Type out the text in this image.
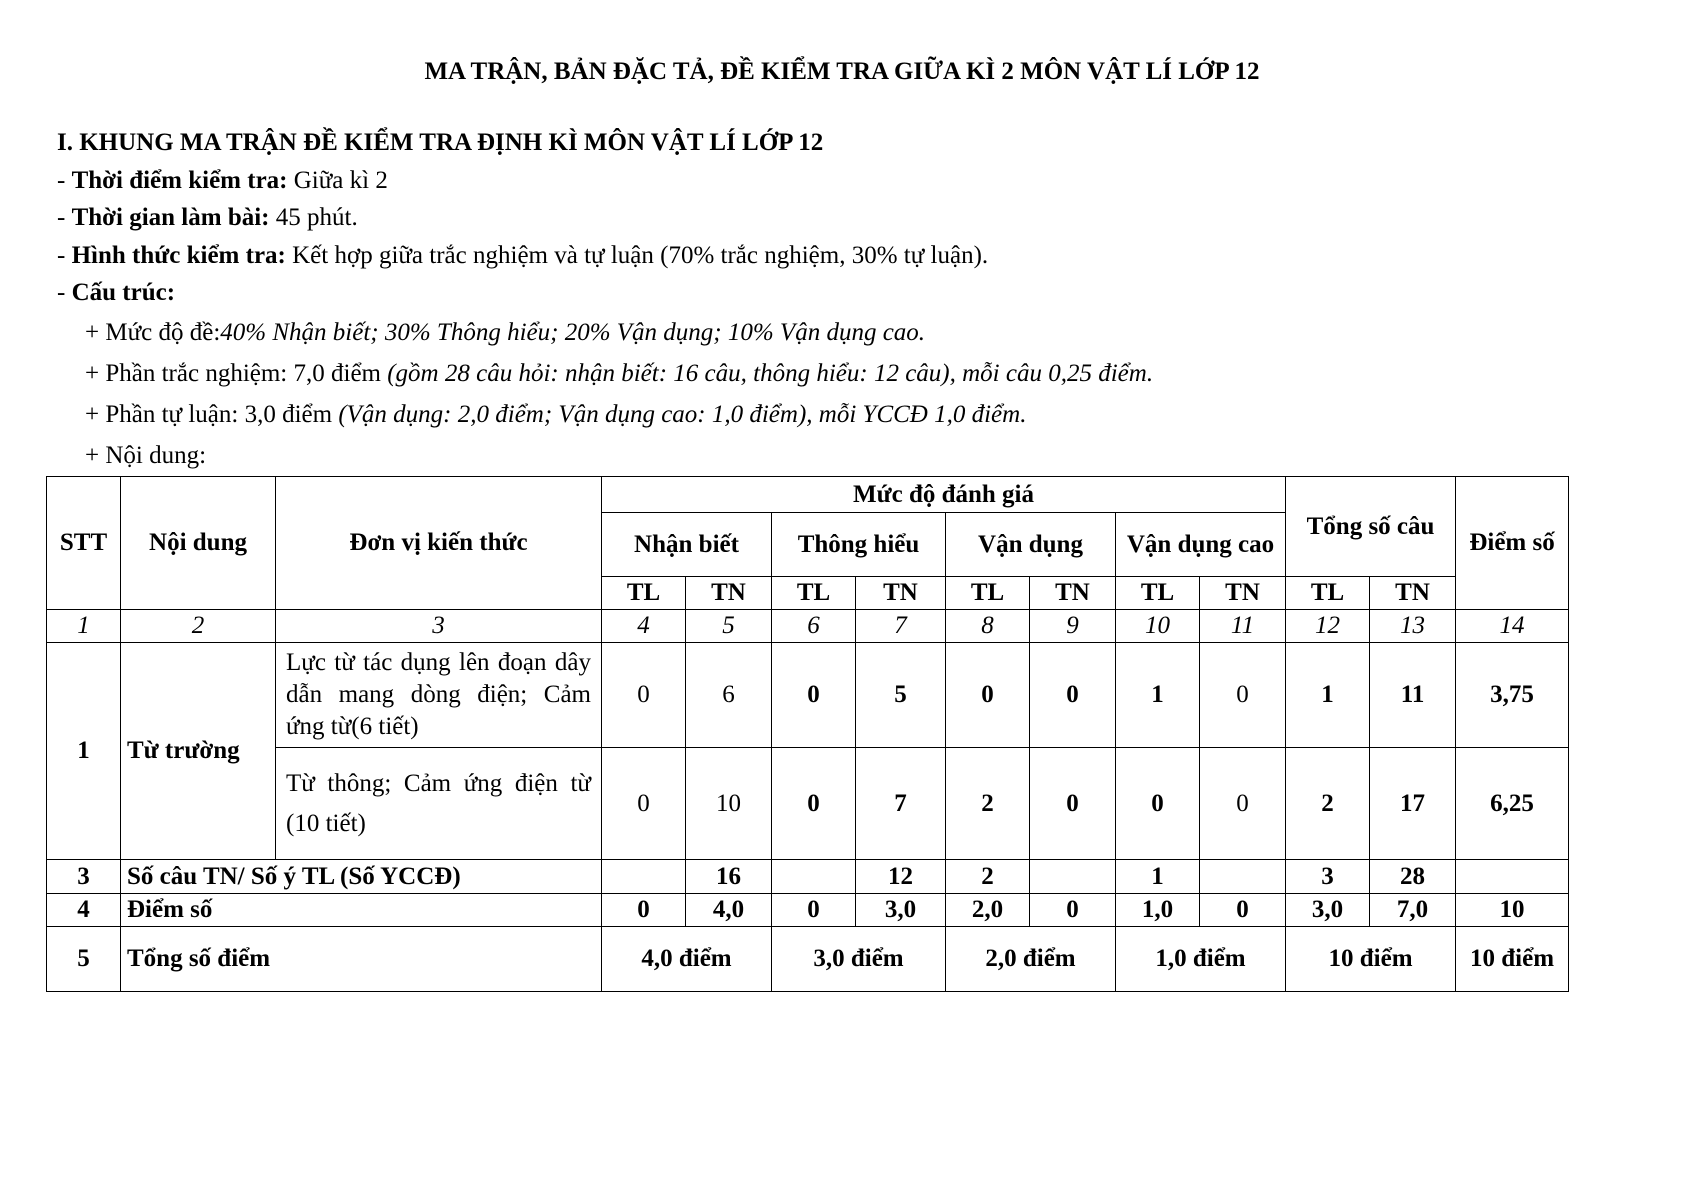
MA TRẬN, BẢN ĐẶC TẢ, ĐỀ KIỂM TRA GIỮA KÌ 2 MÔN VẬT LÍ LỚP 12
I. KHUNG MA TRẬN ĐỀ KIỂM TRA ĐỊNH KÌ MÔN VẬT LÍ LỚP 12
- Thời điểm kiểm tra: Giữa kì 2
- Thời gian làm bài: 45 phút.
- Hình thức kiểm tra: Kết hợp giữa trắc nghiệm và tự luận (70% trắc nghiệm, 30% tự luận).
- Cấu trúc:
+ Mức độ đề:40% Nhận biết; 30% Thông hiểu; 20% Vận dụng; 10% Vận dụng cao.
+ Phần trắc nghiệm: 7,0 điểm (gồm 28 câu hỏi: nhận biết: 16 câu, thông hiểu: 12 câu), mỗi câu 0,25 điểm.
+ Phần tự luận: 3,0 điểm (Vận dụng: 2,0 điểm; Vận dụng cao: 1,0 điểm), mỗi YCCĐ 1,0 điểm.
+ Nội dung:
STT	Nội dung	Đơn vị kiến thức	Mức độ đánh giá								Tổng số câu		Điểm số
			Nhận biết		Thông hiểu		Vận dụng		Vận dụng cao				
			TL	TN	TL	TN	TL	TN	TL	TN	TL	TN	
1	2	3	4	5	6	7	8	9	10	11	12	13	14
1	Từ trường	Lực từ tác dụng lên đoạn dây dẫn mang dòng điện; Cảm ứng từ(6 tiết)	0	6	0	5	0	0	1	0	1	11	3,75
		Từ thông; Cảm ứng điện từ (10 tiết)	0	10	0	7	2	0	0	0	2	17	6,25
3	Số câu TN/ Số ý TL (Số YCCĐ)			16		12	2		1		3	28	
4	Điểm số		0	4,0	0	3,0	2,0	0	1,0	0	3,0	7,0	10
5	Tổng số điểm		4,0 điểm		3,0 điểm		2,0 điểm		1,0 điểm		10 điểm		10 điểm
